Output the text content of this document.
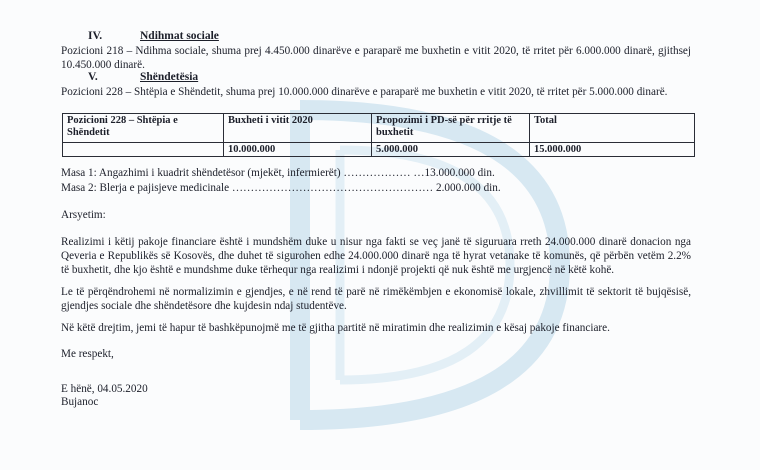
IV.	Ndihmat sociale
Pozicioni 218 – Ndihma sociale, shuma prej 4.450.000 dinarëve e paraparë me buxhetin e vitit 2020, të rritet për 6.000.000 dinarë, gjithsej 10.450.000 dinarë.
V.	Shëndetësia
Pozicioni 228 – Shtëpia e Shëndetit, shuma prej 10.000.000 dinarëve e paraparë me buxhetin e vitit 2020, të rritet për 5.000.000 dinarë.
Pozicioni 228 – Shtëpia e Shëndetit	Buxheti i vitit 2020	Propozimi i PD-së për rritje të buxhetit	Total
	10.000.000	5.000.000	15.000.000
Masa 1: Angazhimi i kuadrit shëndetësor (mjekët, infermierët) ……………… …13.000.000 din.
Masa 2: Blerja e pajisjeve medicinale ……………………………………………… 2.000.000 din.
Arsyetim:
Realizimi i këtij pakoje financiare është i mundshëm duke u nisur nga fakti se veç janë të siguruara rreth 24.000.000 dinarë donacion nga Qeveria e Republikës së Kosovës, dhe duhet të sigurohen edhe 24.000.000 dinarë nga të hyrat vetanake të komunës, që përbën vetëm 2.2% të buxhetit, dhe kjo është e mundshme duke tërhequr nga realizimi i ndonjë projekti që nuk është me urgjencë në këtë kohë.
Le të përqëndrohemi në normalizimin e gjendjes, e në rend të parë në rimëkëmbjen e ekonomisë lokale, zhvillimit të sektorit të bujqësisë, gjendjes sociale dhe shëndetësore dhe kujdesin ndaj studentëve.
Në këtë drejtim, jemi të hapur të bashkëpunojmë me të gjitha partitë në miratimin dhe realizimin e kësaj pakoje financiare.
Me respekt,
E hënë, 04.05.2020
Bujanoc
